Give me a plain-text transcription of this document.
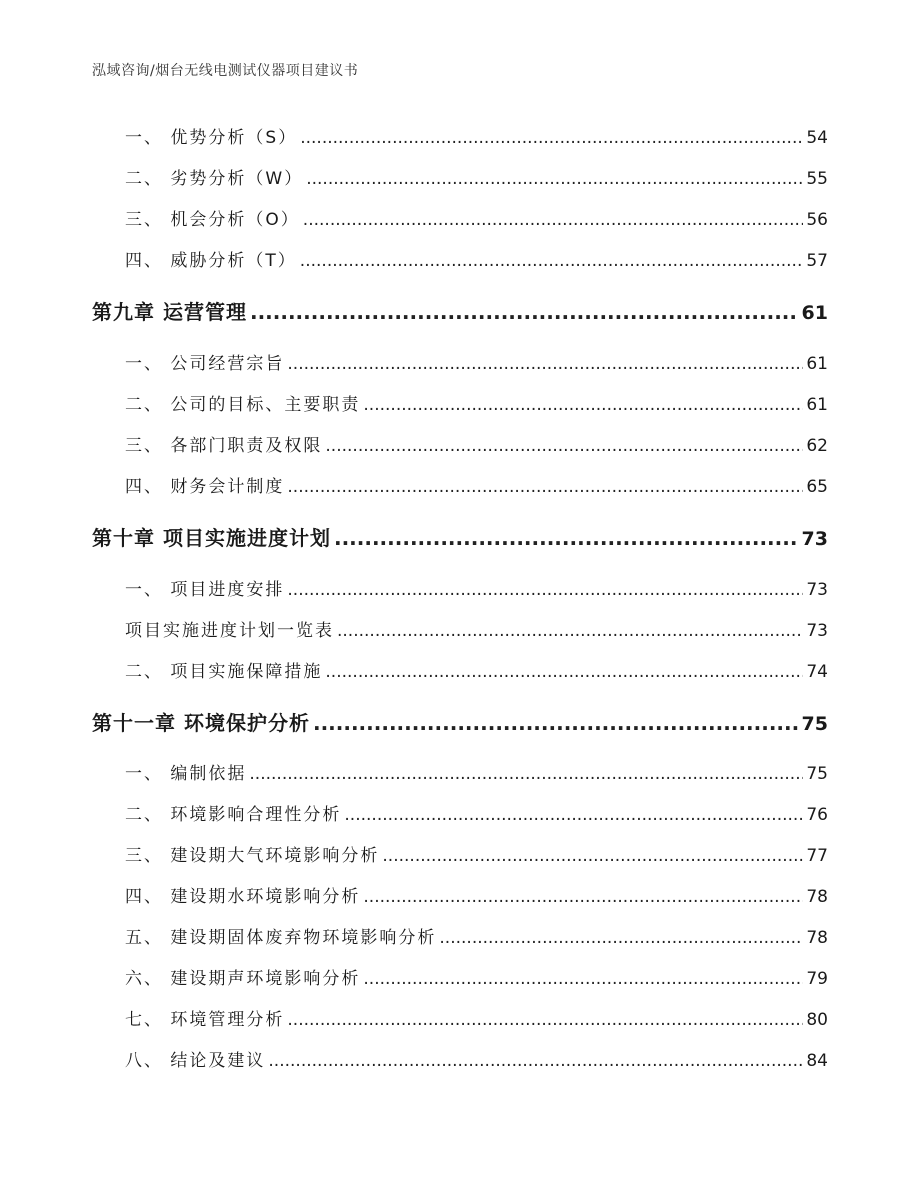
泓域咨询/烟台无线电测试仪器项目建议书
一、 优势分析（S） .....	54
二、 劣势分析（W） .....	55
三、 机会分析（O） .....	56
四、 威胁分析（T） .....	57
第九章 运营管理 .....	61
一、 公司经营宗旨 .....	61
二、 公司的目标、主要职责 .....	61
三、 各部门职责及权限 .....	62
四、 财务会计制度 .....	65
第十章 项目实施进度计划 .....	73
一、 项目进度安排 .....	73
项目实施进度计划一览表 .....	73
二、 项目实施保障措施 .....	74
第十一章 环境保护分析 .....	75
一、 编制依据 .....	75
二、 环境影响合理性分析 .....	76
三、 建设期大气环境影响分析 .....	77
四、 建设期水环境影响分析 .....	78
五、 建设期固体废弃物环境影响分析 .....	78
六、 建设期声环境影响分析 .....	79
七、 环境管理分析 .....	80
八、 结论及建议 .....	84
